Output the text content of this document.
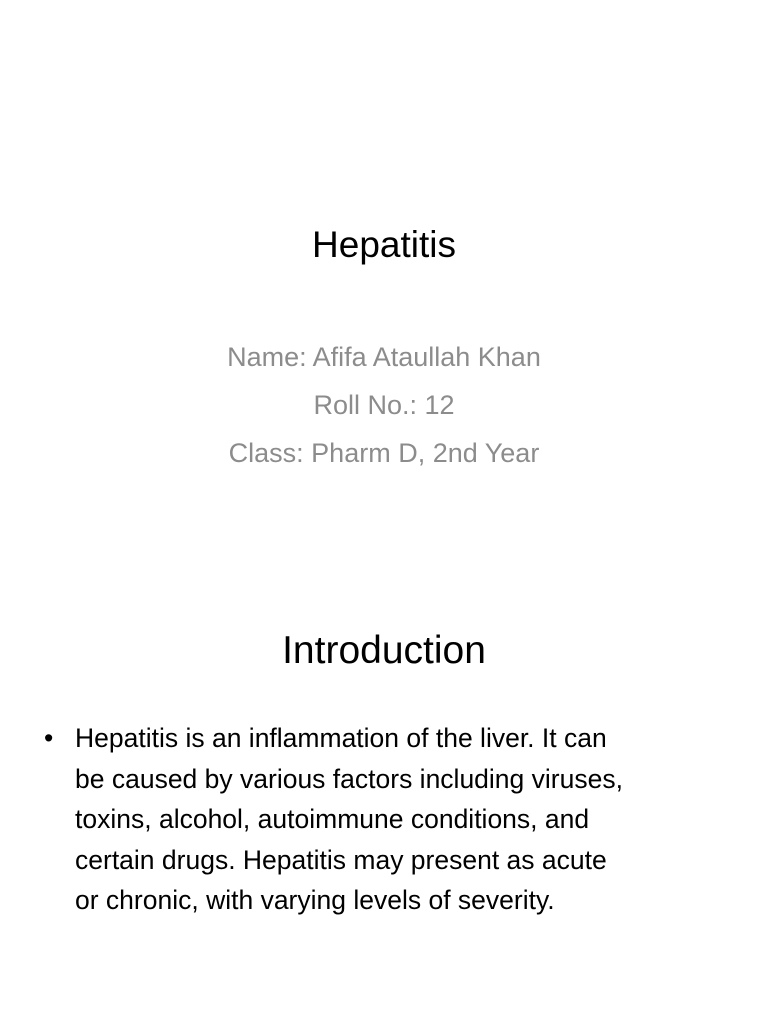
Hepatitis
Name: Afifa Ataullah Khan
Roll No.: 12
Class: Pharm D, 2nd Year
Introduction
• Hepatitis is an inflammation of the liver. It can
be caused by various factors including viruses,
toxins, alcohol, autoimmune conditions, and
certain drugs. Hepatitis may present as acute
or chronic, with varying levels of severity.
